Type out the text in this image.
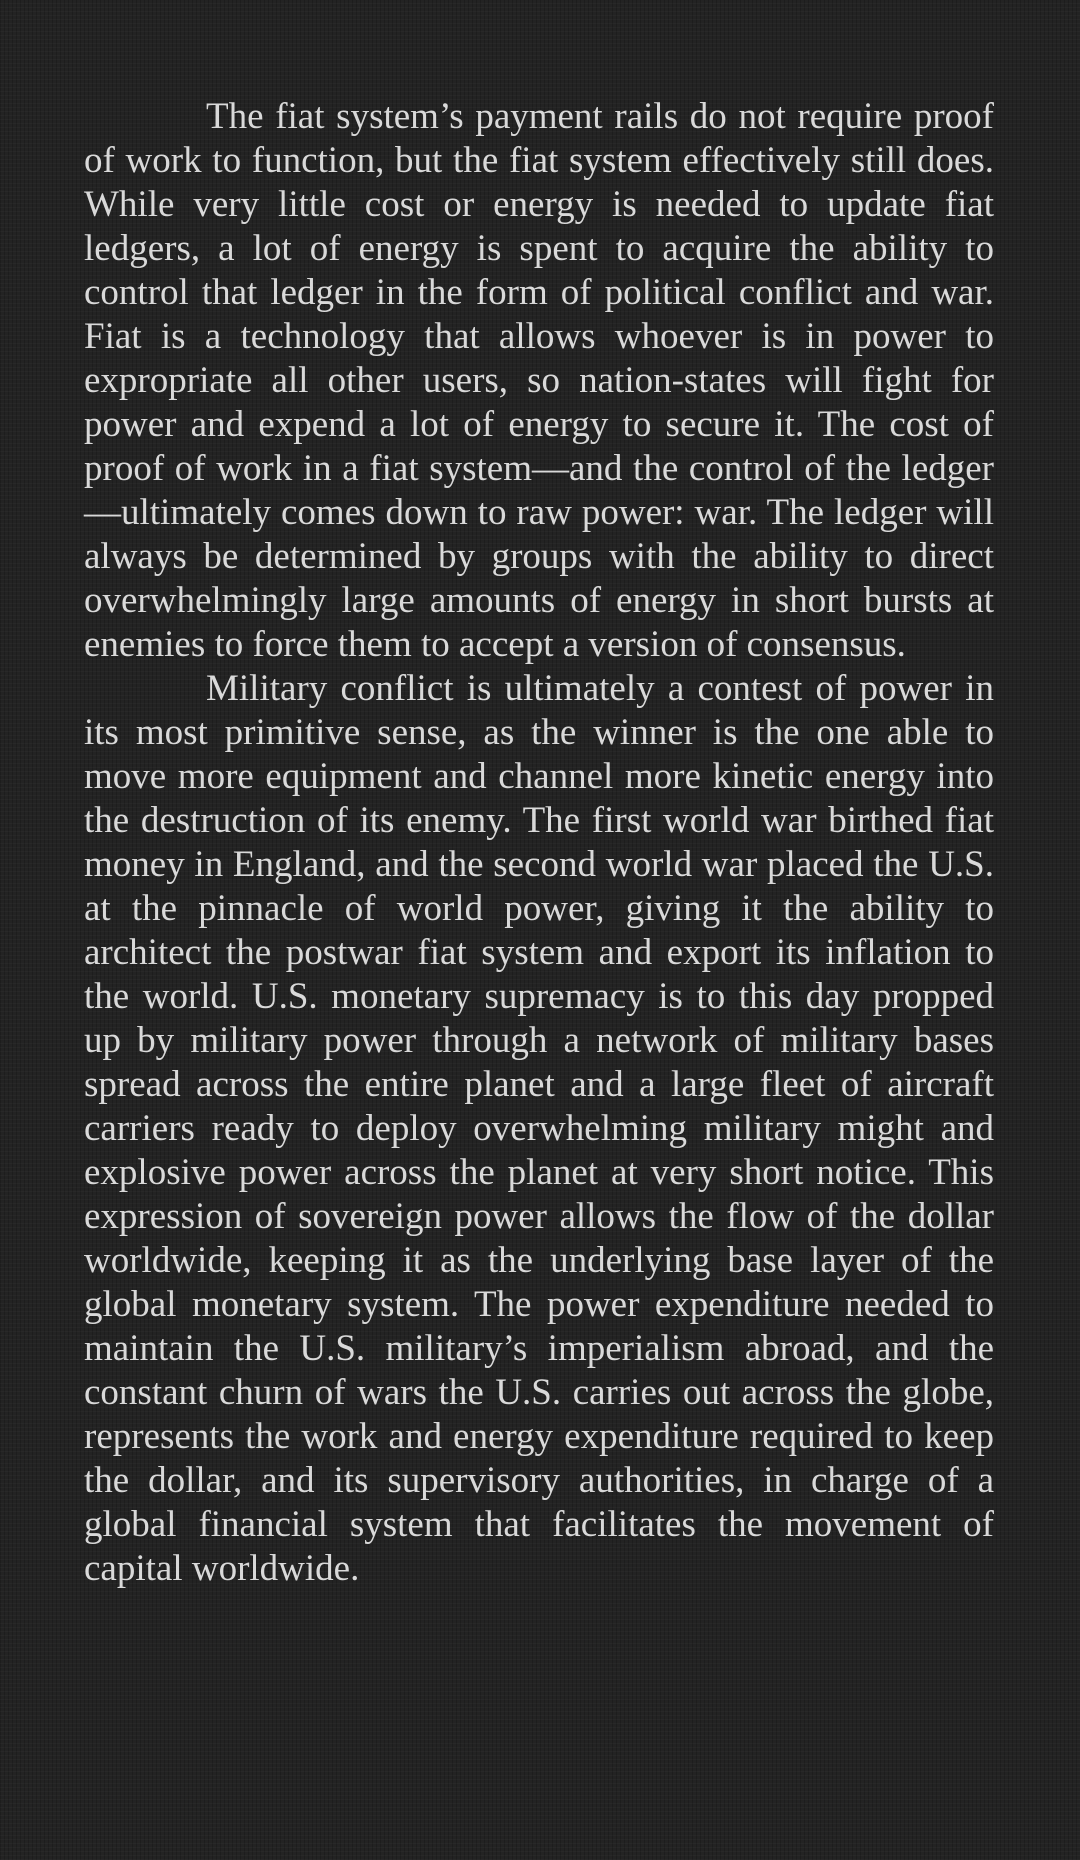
The fiat system’s payment rails do not require proof of work to function, but the fiat system effectively still does. While very little cost or energy is needed to update fiat ledgers, a lot of energy is spent to acquire the ability to control that ledger in the form of political conflict and war. Fiat is a technology that allows whoever is in power to expropriate all other users, so nation-states will fight for power and expend a lot of energy to secure it. The cost of proof of work in a fiat system—and the control of the ledger—ultimately comes down to raw power: war. The ledger will always be determined by groups with the ability to direct overwhelmingly large amounts of energy in short bursts at enemies to force them to accept a version of consensus.

Military conflict is ultimately a contest of power in its most primitive sense, as the winner is the one able to move more equipment and channel more kinetic energy into the destruction of its enemy. The first world war birthed fiat money in England, and the second world war placed the U.S. at the pinnacle of world power, giving it the ability to architect the postwar fiat system and export its inflation to the world. U.S. monetary supremacy is to this day propped up by military power through a network of military bases spread across the entire planet and a large fleet of aircraft carriers ready to deploy overwhelming military might and explosive power across the planet at very short notice. This expression of sovereign power allows the flow of the dollar worldwide, keeping it as the underlying base layer of the global monetary system. The power expenditure needed to maintain the U.S. military’s imperialism abroad, and the constant churn of wars the U.S. carries out across the globe, represents the work and energy expenditure required to keep the dollar, and its supervisory authorities, in charge of a global financial system that facilitates the movement of capital worldwide.
